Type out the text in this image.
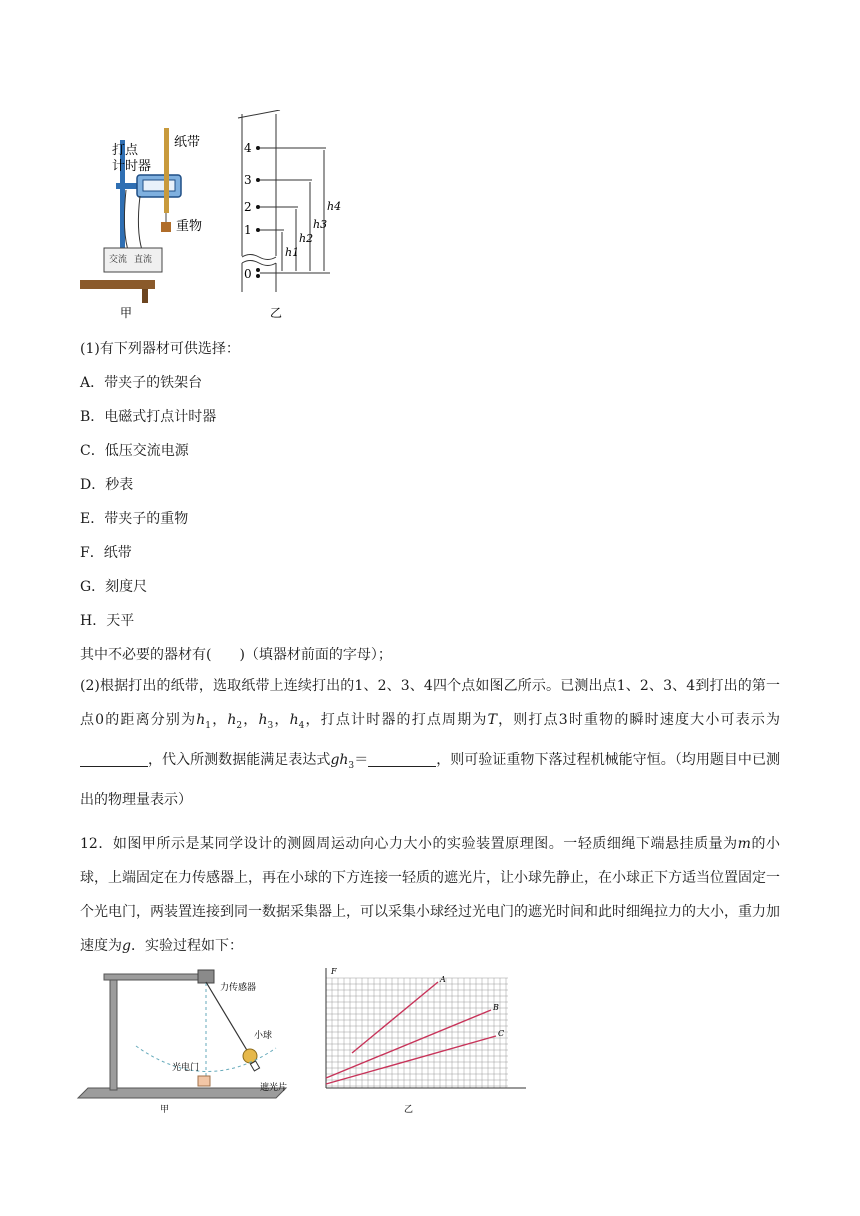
交流 直流
打点
计时器
纸带
重物
甲
4
3
2
1
0
h4
h3
h2
h1
乙
(1)有下列器材可供选择：
A．带夹子的铁架台
B．电磁式打点计时器
C．低压交流电源
D．秒表
E．带夹子的重物
F．纸带
G．刻度尺
H．天平
其中不必要的器材有(　　)（填器材前面的字母）；
(2)根据打出的纸带，选取纸带上连续打出的1、2、3、4四个点如图乙所示。已测出点1、2、3、4到打出的第一点0的距离分别为$h_1$，$h_2$，$h_3$，$h_4$，打点计时器的打点周期为T，则打点3时重物的瞬时速度大小可表示为，代入所测数据能满足表达式$gh_3=$	，则可验证重物下落过程机械能守恒。（均用题目中已测出的物理量表示）
12．如图甲所示是某同学设计的测圆周运动向心力大小的实验装置原理图。一轻质细绳下端悬挂质量为m的小球，上端固定在力传感器上，再在小球的下方连接一轻质的遮光片，让小球先静止，在小球正下方适当位置固定一个光电门，两装置连接到同一数据采集器上，可以采集小球经过光电门的遮光时间和此时细绳拉力的大小，重力加速度为g．实验过程如下：
力传感器
小球
光电门
遮光片
甲
A
B
C
F
乙
